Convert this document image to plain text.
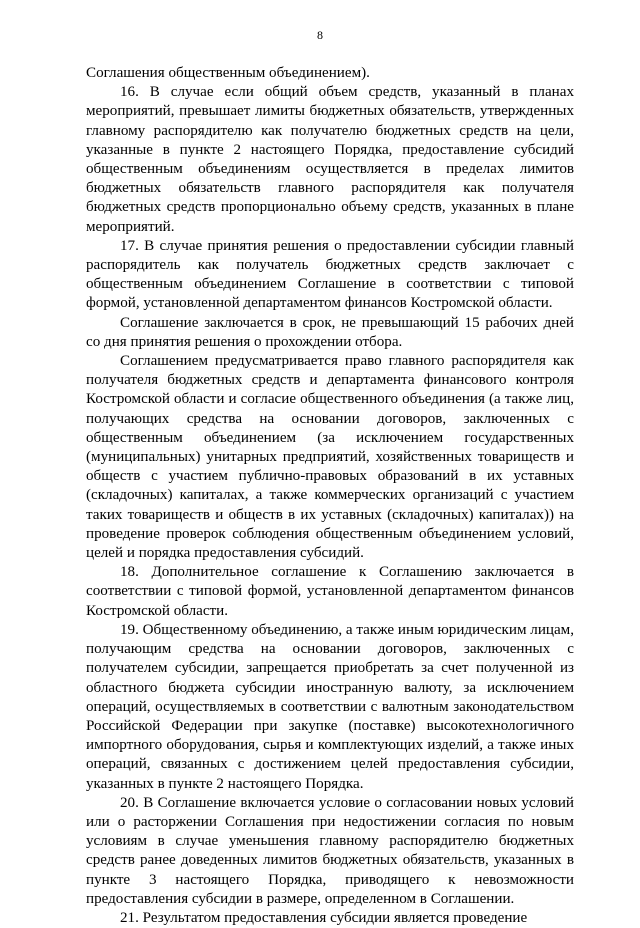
8

Соглашения общественным объединением).

16. В случае если общий объем средств, указанный в планах мероприятий, превышает лимиты бюджетных обязательств, утвержденных главному распорядителю как получателю бюджетных средств на цели, указанные в пункте 2 настоящего Порядка, предоставление субсидий общественным объединениям осуществляется в пределах лимитов бюджетных обязательств главного распорядителя как получателя бюджетных средств пропорционально объему средств, указанных в плане мероприятий.

17. В случае принятия решения о предоставлении субсидии главный распорядитель как получатель бюджетных средств заключает с общественным объединением Соглашение в соответствии с типовой формой, установленной департаментом финансов Костромской области.

Соглашение заключается в срок, не превышающий 15 рабочих дней со дня принятия решения о прохождении отбора.

Соглашением предусматривается право главного распорядителя как получателя бюджетных средств и департамента финансового контроля Костромской области и согласие общественного объединения (а также лиц, получающих средства на основании договоров, заключенных с общественным объединением (за исключением государственных (муниципальных) унитарных предприятий, хозяйственных товариществ и обществ с участием публично-правовых образований в их уставных (складочных) капиталах, а также коммерческих организаций с участием таких товариществ и обществ в их уставных (складочных) капиталах)) на проведение проверок соблюдения общественным объединением условий, целей и порядка предоставления субсидий.

18. Дополнительное соглашение к Соглашению заключается в соответствии с типовой формой, установленной департаментом финансов Костромской области.

19. Общественному объединению, а также иным юридическим лицам, получающим средства на основании договоров, заключенных с получателем субсидии, запрещается приобретать за счет полученной из областного бюджета субсидии иностранную валюту, за исключением операций, осуществляемых в соответствии с валютным законодательством Российской Федерации при закупке (поставке) высокотехнологичного импортного оборудования, сырья и комплектующих изделий, а также иных операций, связанных с достижением целей предоставления субсидии, указанных в пункте 2 настоящего Порядка.

20. В Соглашение включается условие о согласовании новых условий или о расторжении Соглашения при недостижении согласия по новым условиям в случае уменьшения главному распорядителю бюджетных средств ранее доведенных лимитов бюджетных обязательств, указанных в пункте 3 настоящего Порядка, приводящего к невозможности предоставления субсидии в размере, определенном в Соглашении.

21. Результатом предоставления субсидии является проведение
